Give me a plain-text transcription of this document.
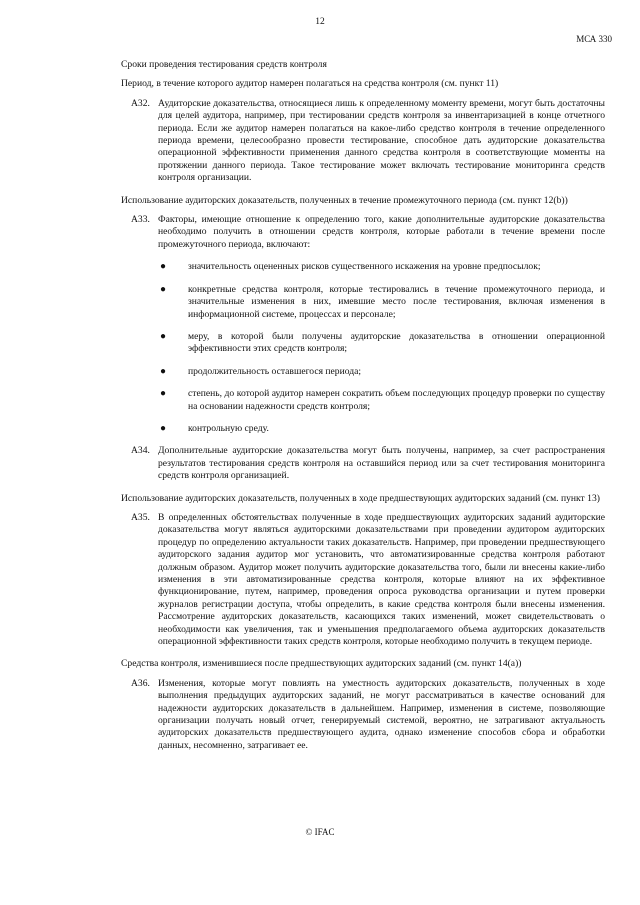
12
МСА 330
Сроки проведения тестирования средств контроля
Период, в течение которого аудитор намерен полагаться на средства контроля (см. пункт 11)
A32. Аудиторские доказательства, относящиеся лишь к определенному моменту времени, могут быть достаточны для целей аудитора, например, при тестировании средств контроля за инвентаризацией в конце отчетного периода. Если же аудитор намерен полагаться на какое-либо средство контроля в течение определенного периода времени, целесообразно провести тестирование, способное дать аудиторские доказательства операционной эффективности применения данного средства контроля в соответствующие моменты на протяжении данного периода. Такое тестирование может включать тестирование мониторинга средств контроля организации.
Использование аудиторских доказательств, полученных в течение промежуточного периода (см. пункт 12(b))
A33. Факторы, имеющие отношение к определению того, какие дополнительные аудиторские доказательства необходимо получить в отношении средств контроля, которые работали в течение времени после промежуточного периода, включают:
● значительность оцененных рисков существенного искажения на уровне предпосылок;
● конкретные средства контроля, которые тестировались в течение промежуточного периода, и значительные изменения в них, имевшие место после тестирования, включая изменения в информационной системе, процессах и персонале;
● меру, в которой были получены аудиторские доказательства в отношении операционной эффективности этих средств контроля;
● продолжительность оставшегося периода;
● степень, до которой аудитор намерен сократить объем последующих процедур проверки по существу на основании надежности средств контроля;
● контрольную среду.
A34. Дополнительные аудиторские доказательства могут быть получены, например, за счет распространения результатов тестирования средств контроля на оставшийся период или за счет тестирования мониторинга средств контроля организацией.
Использование аудиторских доказательств, полученных в ходе предшествующих аудиторских заданий (см. пункт 13)
A35. В определенных обстоятельствах полученные в ходе предшествующих аудиторских заданий аудиторские доказательства могут являться аудиторскими доказательствами при проведении аудитором аудиторских процедур по определению актуальности таких доказательств. Например, при проведении предшествующего аудиторского задания аудитор мог установить, что автоматизированные средства контроля работают должным образом. Аудитор может получить аудиторские доказательства того, были ли внесены какие-либо изменения в эти автоматизированные средства контроля, которые влияют на их эффективное функционирование, путем, например, проведения опроса руководства организации и путем проверки журналов регистрации доступа, чтобы определить, в какие средства контроля были внесены изменения. Рассмотрение аудиторских доказательств, касающихся таких изменений, может свидетельствовать о необходимости как увеличения, так и уменьшения предполагаемого объема аудиторских доказательств операционной эффективности таких средств контроля, которые необходимо получить в текущем периоде.
Средства контроля, изменившиеся после предшествующих аудиторских заданий (см. пункт 14(a))
A36. Изменения, которые могут повлиять на уместность аудиторских доказательств, полученных в ходе выполнения предыдущих аудиторских заданий, не могут рассматриваться в качестве оснований для надежности аудиторских доказательств в дальнейшем. Например, изменения в системе, позволяющие организации получать новый отчет, генерируемый системой, вероятно, не затрагивают актуальность аудиторских доказательств предшествующего аудита, однако изменение способов сбора и обработки данных, несомненно, затрагивает ее.
© IFAC
